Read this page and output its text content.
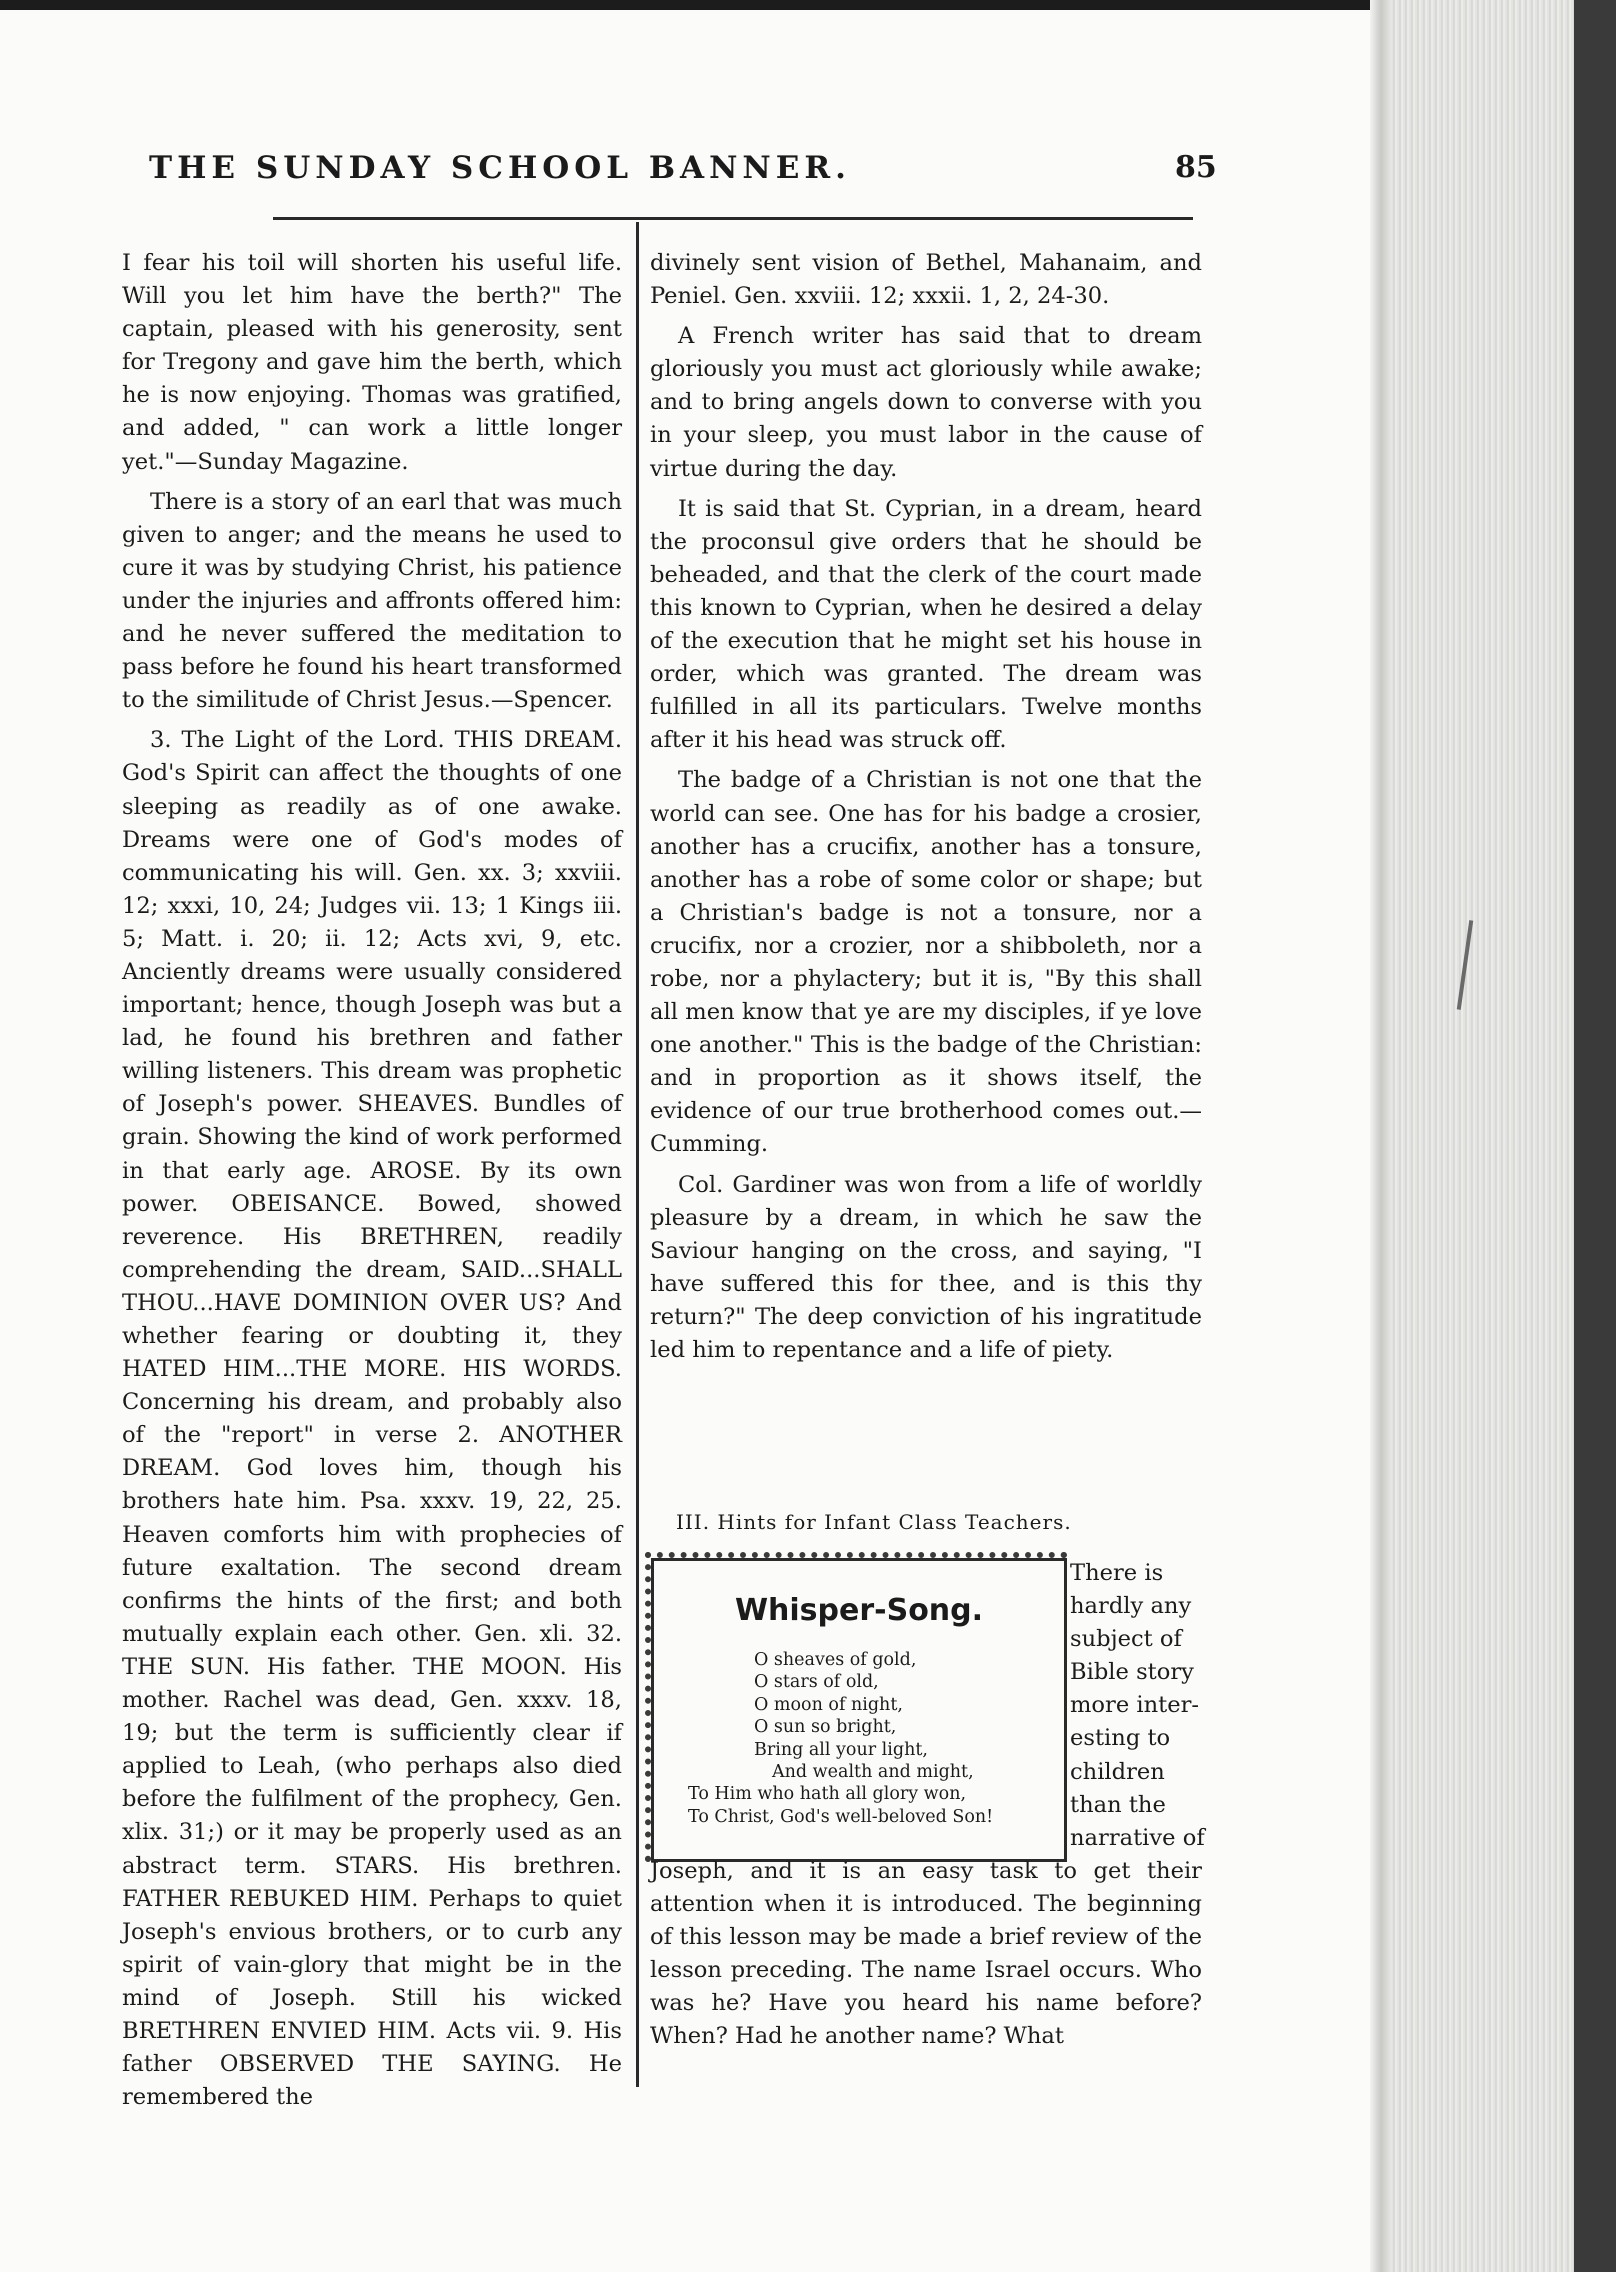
THE SUNDAY SCHOOL BANNER.	85

I fear his toil will shorten his useful life. Will you let him have the berth?" The captain, pleased with his generosity, sent for Tregony and gave him the berth, which he is now enjoying. Thomas was gratified, and added, " can work a little longer yet."—Sunday Magazine.

There is a story of an earl that was much given to anger; and the means he used to cure it was by studying Christ, his patience under the injuries and affronts offered him: and he never suffered the meditation to pass before he found his heart transformed to the similitude of Christ Jesus.—Spencer.

3. The Light of the Lord. THIS DREAM. God's Spirit can affect the thoughts of one sleeping as readily as of one awake. Dreams were one of God's modes of communicating his will. Gen. xx. 3; xxviii. 12; xxxi, 10, 24; Judges vii. 13; 1 Kings iii. 5; Matt. i. 20; ii. 12; Acts xvi, 9, etc. Anciently dreams were usually considered important; hence, though Joseph was but a lad, he found his brethren and father willing listeners. This dream was prophetic of Joseph's power. SHEAVES. Bundles of grain. Showing the kind of work performed in that early age. AROSE. By its own power. OBEISANCE. Bowed, showed reverence. His BRETHREN, readily comprehending the dream, SAID...SHALL THOU...HAVE DOMINION OVER US? And whether fearing or doubting it, they HATED HIM...THE MORE. HIS WORDS. Concerning his dream, and probably also of the "report" in verse 2. ANOTHER DREAM. God loves him, though his brothers hate him. Psa. xxxv. 19, 22, 25. Heaven comforts him with prophecies of future exaltation. The second dream confirms the hints of the first; and both mutually explain each other. Gen. xli. 32. THE SUN. His father. THE MOON. His mother. Rachel was dead, Gen. xxxv. 18, 19; but the term is sufficiently clear if applied to Leah, (who perhaps also died before the fulfilment of the prophecy, Gen. xlix. 31;) or it may be properly used as an abstract term. STARS. His brethren. FATHER REBUKED HIM. Perhaps to quiet Joseph's envious brothers, or to curb any spirit of vain-glory that might be in the mind of Joseph. Still his wicked BRETHREN ENVIED HIM. Acts vii. 9. His father OBSERVED THE SAYING. He remembered the

divinely sent vision of Bethel, Mahanaim, and Peniel. Gen. xxviii. 12; xxxii. 1, 2, 24-30.

A French writer has said that to dream gloriously you must act gloriously while awake; and to bring angels down to converse with you in your sleep, you must labor in the cause of virtue during the day.

It is said that St. Cyprian, in a dream, heard the proconsul give orders that he should be beheaded, and that the clerk of the court made this known to Cyprian, when he desired a delay of the execution that he might set his house in order, which was granted. The dream was fulfilled in all its particulars. Twelve months after it his head was struck off.

The badge of a Christian is not one that the world can see. One has for his badge a crosier, another has a crucifix, another has a tonsure, another has a robe of some color or shape; but a Christian's badge is not a tonsure, nor a crucifix, nor a crozier, nor a shibboleth, nor a robe, nor a phylactery; but it is, "By this shall all men know that ye are my disciples, if ye love one another." This is the badge of the Christian: and in proportion as it shows itself, the evidence of our true brotherhood comes out.—Cumming.

Col. Gardiner was won from a life of worldly pleasure by a dream, in which he saw the Saviour hanging on the cross, and saying, "I have suffered this for thee, and is this thy return?" The deep conviction of his ingratitude led him to repentance and a life of piety.

III. Hints for Infant Class Teachers.
Whisper-Song.
O sheaves of gold,
O stars of old,
O moon of night,
O sun so bright,
Bring all your light,
And wealth and might,
To Him who hath all glory won,
To Christ, God's well-beloved Son!
There is
hardly any
subject of
Bible story
more inter-
esting to
children
than the
narrative of
Joseph, and it is an easy task to get their attention when it is introduced. The beginning of this lesson may be made a brief review of the lesson preceding. The name Israel occurs. Who was he? Have you heard his name before? When? Had he another name? What
